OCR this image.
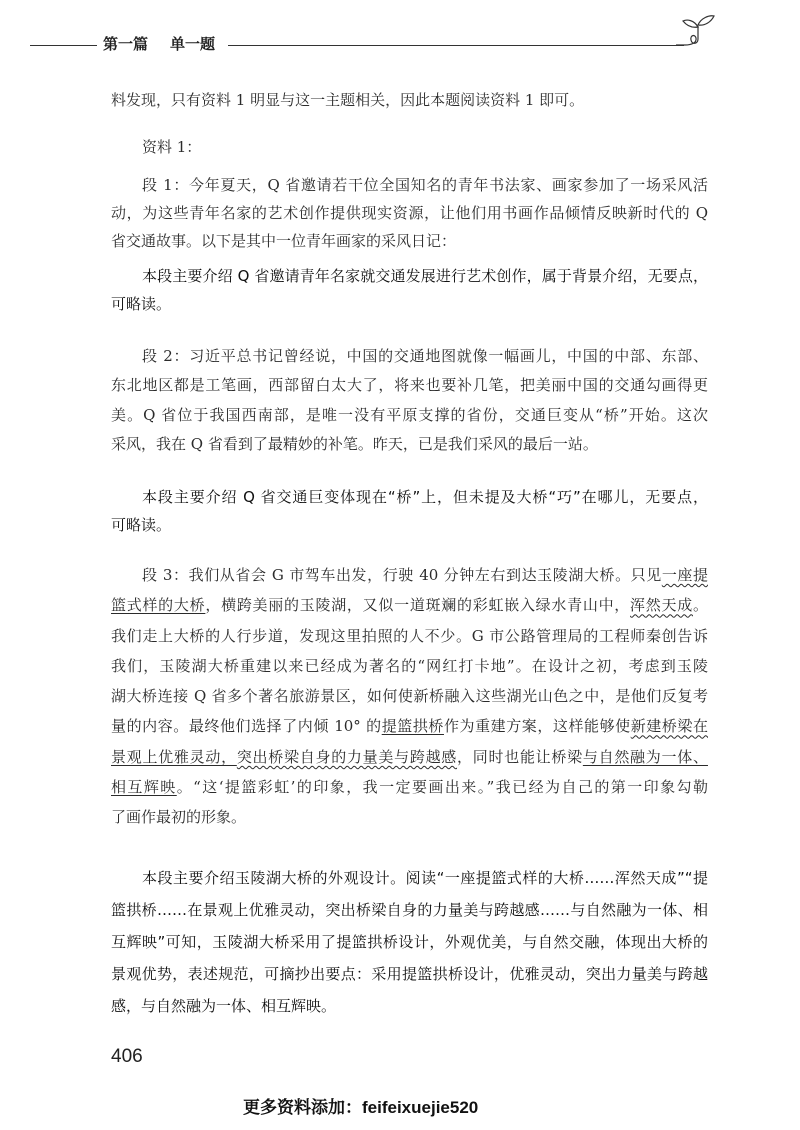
第一篇 单一题
料发现，只有资料 1 明显与这一主题相关，因此本题阅读资料 1 即可。
资料 1：
段 1：今年夏天，Q 省邀请若干位全国知名的青年书法家、画家参加了一场采风活
动，为这些青年名家的艺术创作提供现实资源，让他们用书画作品倾情反映新时代的 Q
省交通故事。以下是其中一位青年画家的采风日记：
本段主要介绍 Q 省邀请青年名家就交通发展进行艺术创作，属于背景介绍，无要点，
可略读。
段 2：习近平总书记曾经说，中国的交通地图就像一幅画儿，中国的中部、东部、
东北地区都是工笔画，西部留白太大了，将来也要补几笔，把美丽中国的交通勾画得更
美。Q 省位于我国西南部，是唯一没有平原支撑的省份，交通巨变从“桥”开始。这次
采风，我在 Q 省看到了最精妙的补笔。昨天，已是我们采风的最后一站。
本段主要介绍 Q 省交通巨变体现在“桥”上，但未提及大桥“巧”在哪儿，无要点，
可略读。
段 3：我们从省会 G 市驾车出发，行驶 40 分钟左右到达玉陵湖大桥。只见一座提
篮式样的大桥，横跨美丽的玉陵湖，又似一道斑斓的彩虹嵌入绿水青山中，浑然天成。
我们走上大桥的人行步道，发现这里拍照的人不少。G 市公路管理局的工程师秦创告诉
我们，玉陵湖大桥重建以来已经成为著名的“网红打卡地”。在设计之初，考虑到玉陵
湖大桥连接 Q 省多个著名旅游景区，如何使新桥融入这些湖光山色之中，是他们反复考
量的内容。最终他们选择了内倾 10° 的提篮拱桥作为重建方案，这样能够使新建桥梁在
景观上优雅灵动，突出桥梁自身的力量美与跨越感，同时也能让桥梁与自然融为一体、
相互辉映。“这‘提篮彩虹’的印象，我一定要画出来。”我已经为自己的第一印象勾勒
了画作最初的形象。
本段主要介绍玉陵湖大桥的外观设计。阅读“一座提篮式样的大桥……浑然天成”“提
篮拱桥……在景观上优雅灵动，突出桥梁自身的力量美与跨越感……与自然融为一体、相
互辉映”可知，玉陵湖大桥采用了提篮拱桥设计，外观优美，与自然交融，体现出大桥的
景观优势，表述规范，可摘抄出要点：采用提篮拱桥设计，优雅灵动，突出力量美与跨越
感，与自然融为一体、相互辉映。
406
更多资料添加：feifeixuejie520
